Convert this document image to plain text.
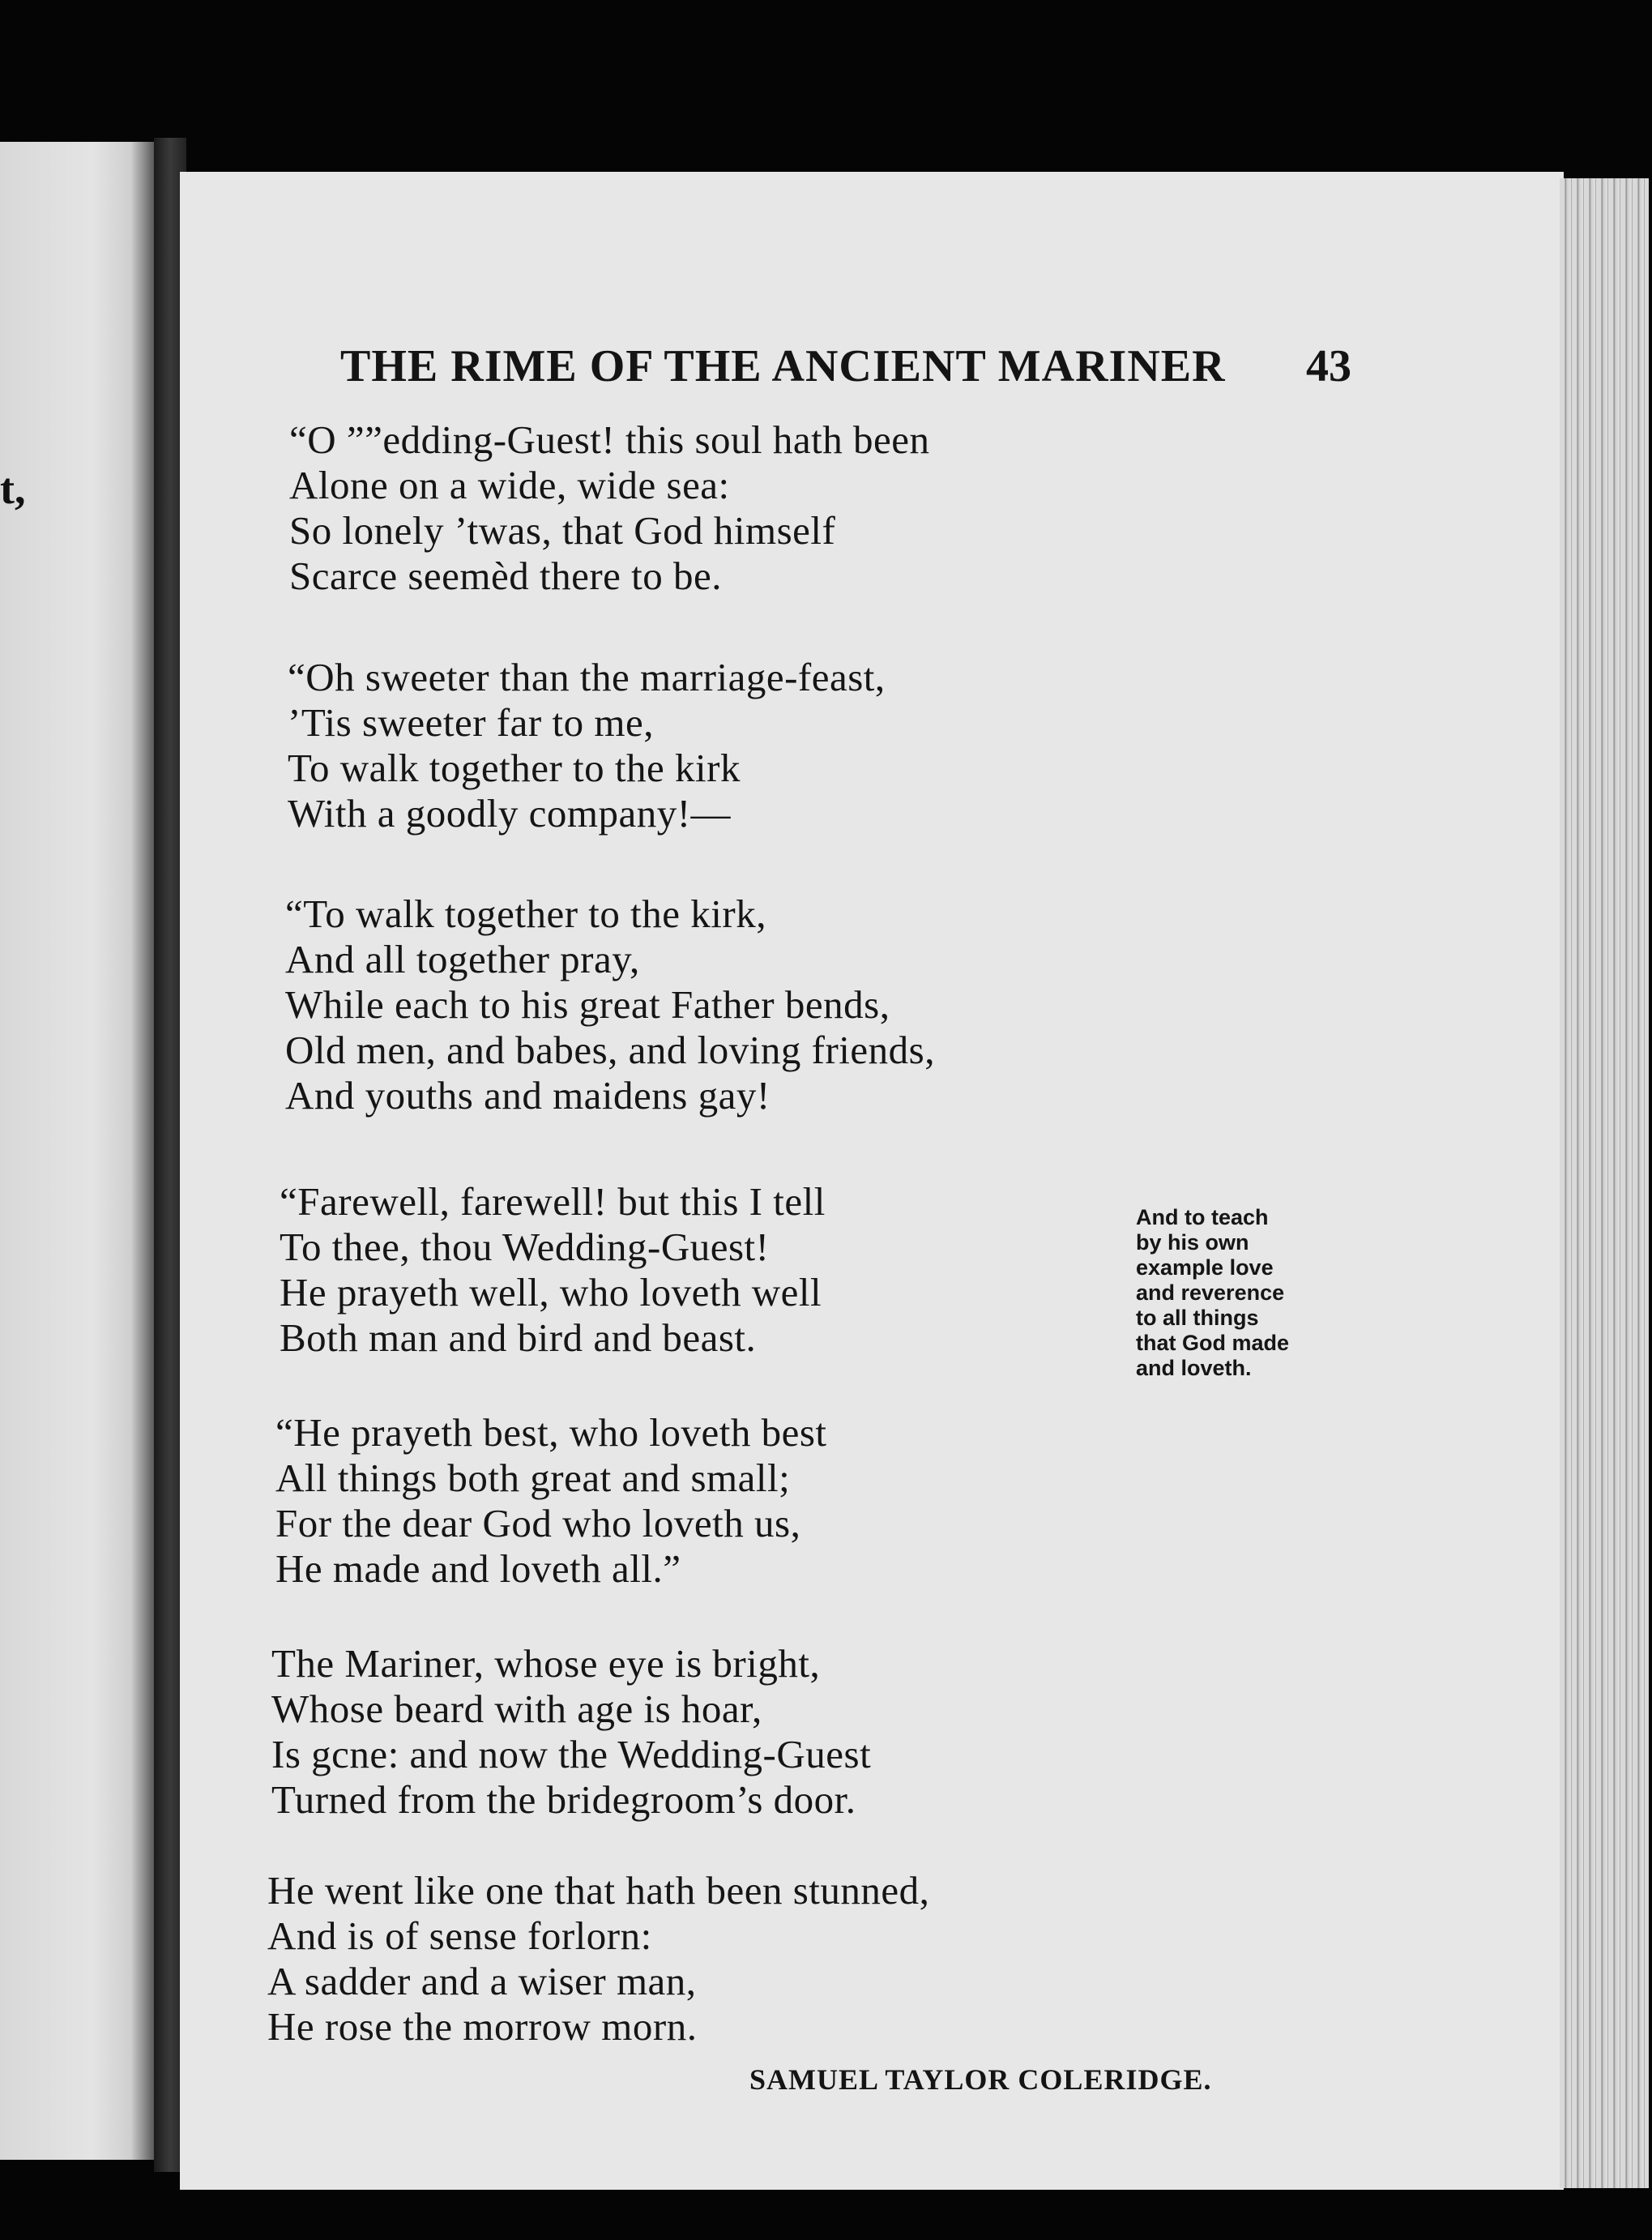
t,
THE RIME OF THE ANCIENT MARINER 43
“O ””edding-Guest! this soul hath been
Alone on a wide, wide sea:
So lonely ’twas, that God himself
Scarce seemèd there to be.
“Oh sweeter than the marriage-feast,
’Tis sweeter far to me,
To walk together to the kirk
With a goodly company!—
“To walk together to the kirk,
And all together pray,
While each to his great Father bends,
Old men, and babes, and loving friends,
And youths and maidens gay!
“Farewell, farewell! but this I tell
To thee, thou Wedding-Guest!
He prayeth well, who loveth well
Both man and bird and beast.
“He prayeth best, who loveth best
All things both great and small;
For the dear God who loveth us,
He made and loveth all.”
The Mariner, whose eye is bright,
Whose beard with age is hoar,
Is gcne: and now the Wedding-Guest
Turned from the bridegroom’s door.
He went like one that hath been stunned,
And is of sense forlorn:
A sadder and a wiser man,
He rose the morrow morn.
And to teach
by his own
example love
and reverence
to all things
that God made
and loveth.
SAMUEL TAYLOR COLERIDGE.
